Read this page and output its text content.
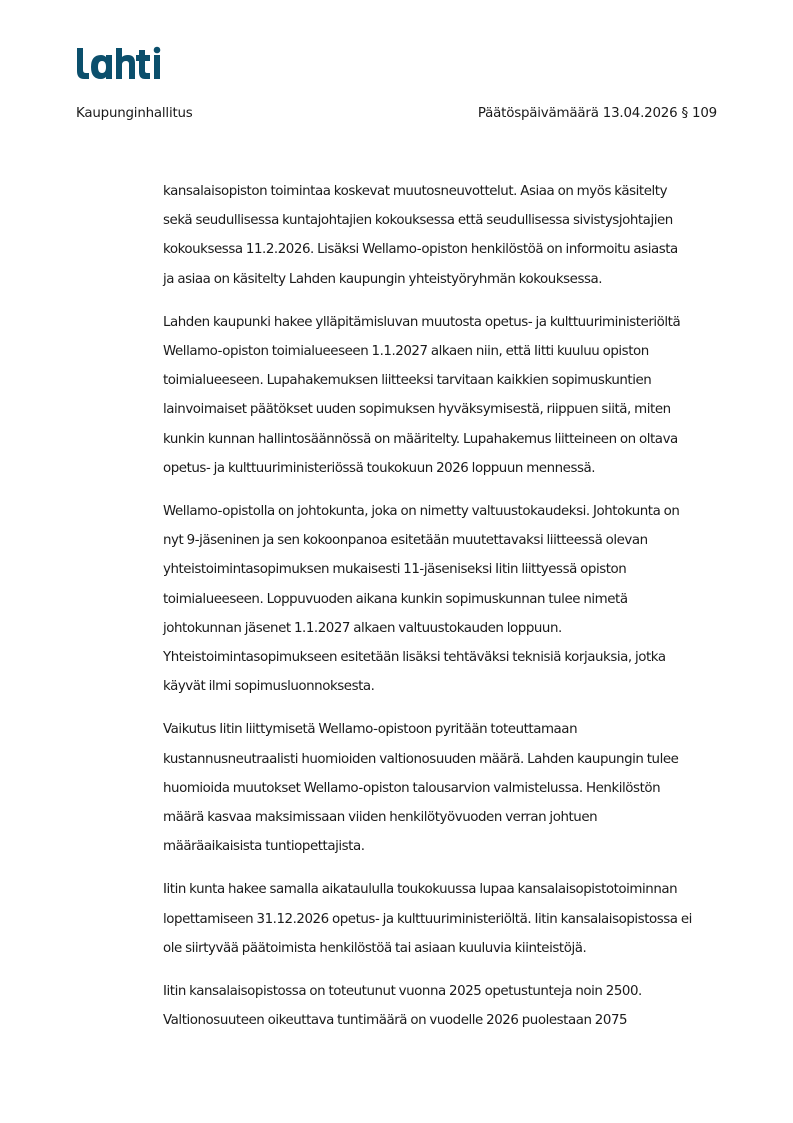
Kaupunginhallitus	Päätöspäivämäärä 13.04.2026 § 109

kansalaisopiston toimintaa koskevat muutosneuvottelut. Asiaa on myös käsitelty
sekä seudullisessa kuntajohtajien kokouksessa että seudullisessa sivistysjohtajien
kokouksessa 11.2.2026. Lisäksi Wellamo-opiston henkilöstöä on informoitu asiasta
ja asiaa on käsitelty Lahden kaupungin yhteistyöryhmän kokouksessa.

Lahden kaupunki hakee ylläpitämisluvan muutosta opetus- ja kulttuuriministeriöltä
Wellamo-opiston toimialueeseen 1.1.2027 alkaen niin, että Iitti kuuluu opiston
toimialueeseen. Lupahakemuksen liitteeksi tarvitaan kaikkien sopimuskuntien
lainvoimaiset päätökset uuden sopimuksen hyväksymisestä, riippuen siitä, miten
kunkin kunnan hallintosäännössä on määritelty. Lupahakemus liitteineen on oltava
opetus- ja kulttuuriministeriössä toukokuun 2026 loppuun mennessä.

Wellamo-opistolla on johtokunta, joka on nimetty valtuustokaudeksi. Johtokunta on
nyt 9-jäseninen ja sen kokoonpanoa esitetään muutettavaksi liitteessä olevan
yhteistoimintasopimuksen mukaisesti 11-jäseniseksi Iitin liittyessä opiston
toimialueeseen. Loppuvuoden aikana kunkin sopimuskunnan tulee nimetä
johtokunnan jäsenet 1.1.2027 alkaen valtuustokauden loppuun.
Yhteistoimintasopimukseen esitetään lisäksi tehtäväksi teknisiä korjauksia, jotka
käyvät ilmi sopimusluonnoksesta.

Vaikutus Iitin liittymisetä Wellamo-opistoon pyritään toteuttamaan
kustannusneutraalisti huomioiden valtionosuuden määrä. Lahden kaupungin tulee
huomioida muutokset Wellamo-opiston talousarvion valmistelussa. Henkilöstön
määrä kasvaa maksimissaan viiden henkilötyövuoden verran johtuen
määräaikaisista tuntiopettajista.

Iitin kunta hakee samalla aikataululla toukokuussa lupaa kansalaisopistotoiminnan
lopettamiseen 31.12.2026 opetus- ja kulttuuriministeriöltä. Iitin kansalaisopistossa ei
ole siirtyvää päätoimista henkilöstöä tai asiaan kuuluvia kiinteistöjä.

Iitin kansalaisopistossa on toteutunut vuonna 2025 opetustunteja noin 2500.
Valtionosuuteen oikeuttava tuntimäärä on vuodelle 2026 puolestaan 2075
